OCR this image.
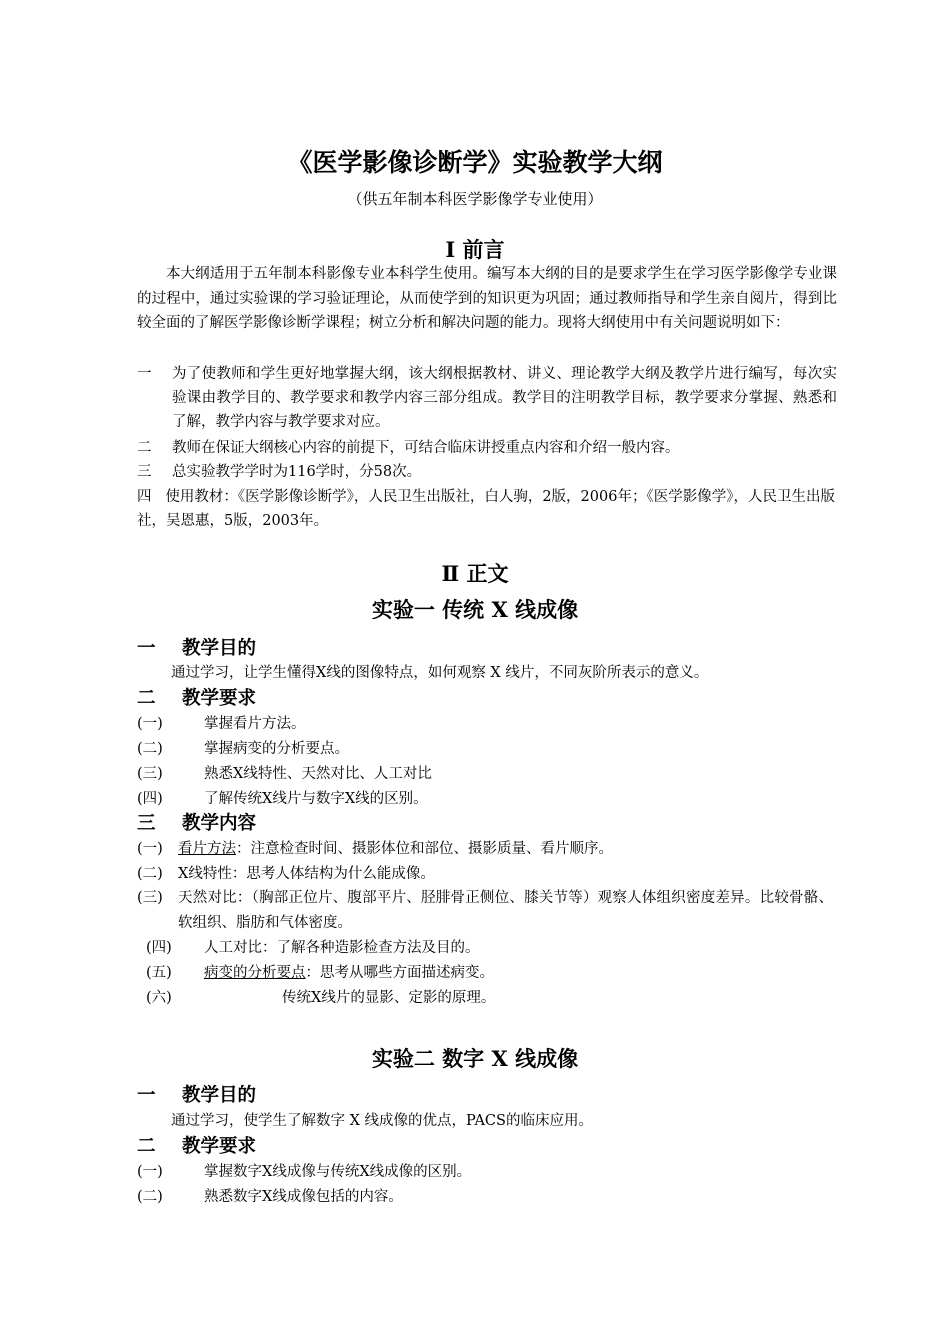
《医学影像诊断学》实验教学大纲
（供五年制本科医学影像学专业使用）
Ⅰ 前言

本大纲适用于五年制本科影像专业本科学生使用。编写本大纲的目的是要求学生在学习医学影像学专业课的过程中，通过实验课的学习验证理论，从而使学到的知识更为巩固；通过教师指导和学生亲自阅片，得到比较全面的了解医学影像诊断学课程；树立分析和解决问题的能力。现将大纲使用中有关问题说明如下：

一	为了使教师和学生更好地掌握大纲，该大纲根据教材、讲义、理论教学大纲及教学片进行编写，每次实验课由教学目的、教学要求和教学内容三部分组成。教学目的注明教学目标，教学要求分掌握、熟悉和了解，教学内容与教学要求对应。
二	教师在保证大纲核心内容的前提下，可结合临床讲授重点内容和介绍一般内容。
三	总实验教学学时为116学时，分58次。
四 使用教材：《医学影像诊断学》，人民卫生出版社，白人驹，2版，2006年；《医学影像学》，人民卫生出版社，吴恩惠，5版，2003年。
Ⅱ 正文
实验一 传统 X 线成像
一 教学目的
通过学习，让学生懂得X线的图像特点，如何观察 X 线片，不同灰阶所表示的意义。
二 教学要求
(一)	掌握看片方法。
(二)	掌握病变的分析要点。
(三)	熟悉X线特性、天然对比、人工对比
(四)	了解传统X线片与数字X线的区别。
三 教学内容
(一) 看片方法：注意检查时间、摄影体位和部位、摄影质量、看片顺序。
(二) X线特性：思考人体结构为什么能成像。
(三) 天然对比：（胸部正位片、腹部平片、胫腓骨正侧位、膝关节等）观察人体组织密度差异。比较骨骼、软组织、脂肪和气体密度。
(四) 人工对比：了解各种造影检查方法及目的。
(五) 病变的分析要点：思考从哪些方面描述病变。
(六)	传统X线片的显影、定影的原理。
实验二 数字 X 线成像
一 教学目的
通过学习，使学生了解数字 X 线成像的优点，PACS的临床应用。
二 教学要求
(一)	掌握数字X线成像与传统X线成像的区别。
(二)	熟悉数字X线成像包括的内容。
